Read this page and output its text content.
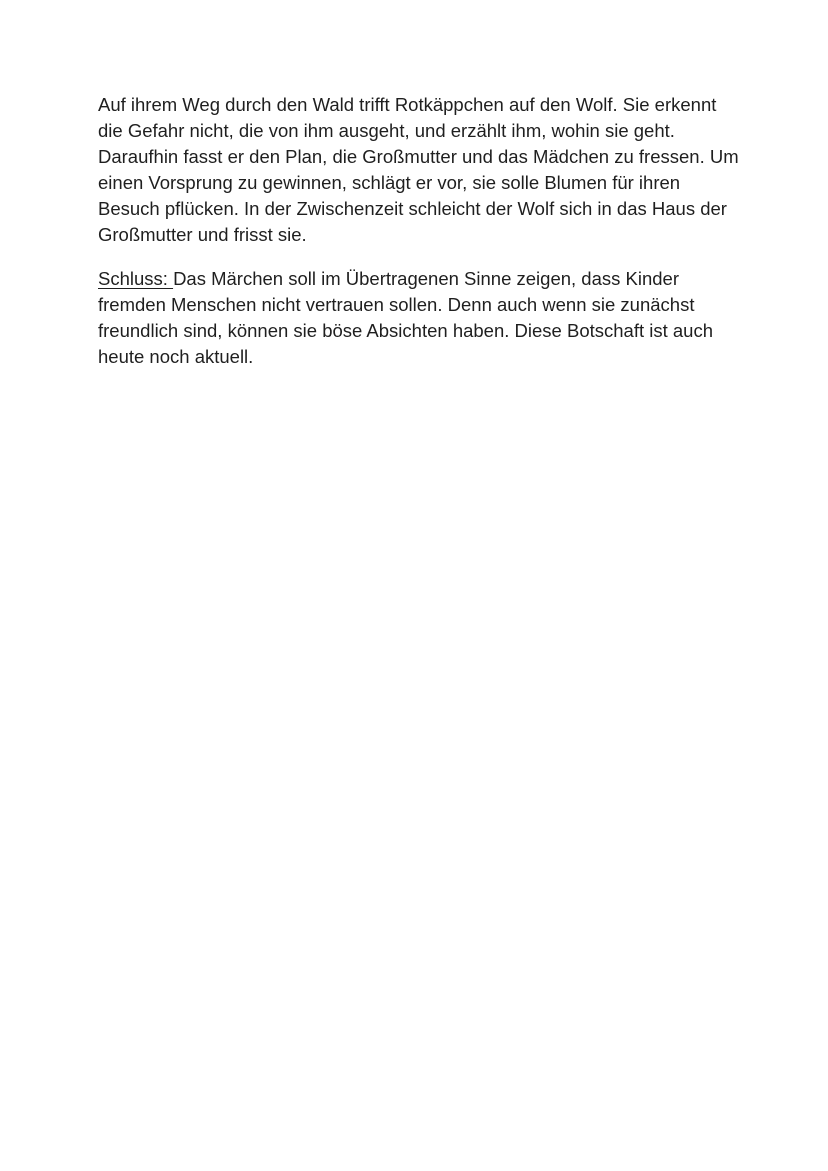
Auf ihrem Weg durch den Wald trifft Rotkäppchen auf den Wolf. Sie erkennt die Gefahr nicht, die von ihm ausgeht, und erzählt ihm, wohin sie geht. Daraufhin fasst er den Plan, die Großmutter und das Mädchen zu fressen. Um einen Vorsprung zu gewinnen, schlägt er vor, sie solle Blumen für ihren Besuch pflücken. In der Zwischenzeit schleicht der Wolf sich in das Haus der Großmutter und frisst sie.

Schluss: Das Märchen soll im Übertragenen Sinne zeigen, dass Kinder fremden Menschen nicht vertrauen sollen. Denn auch wenn sie zunächst freundlich sind, können sie böse Absichten haben. Diese Botschaft ist auch heute noch aktuell.
